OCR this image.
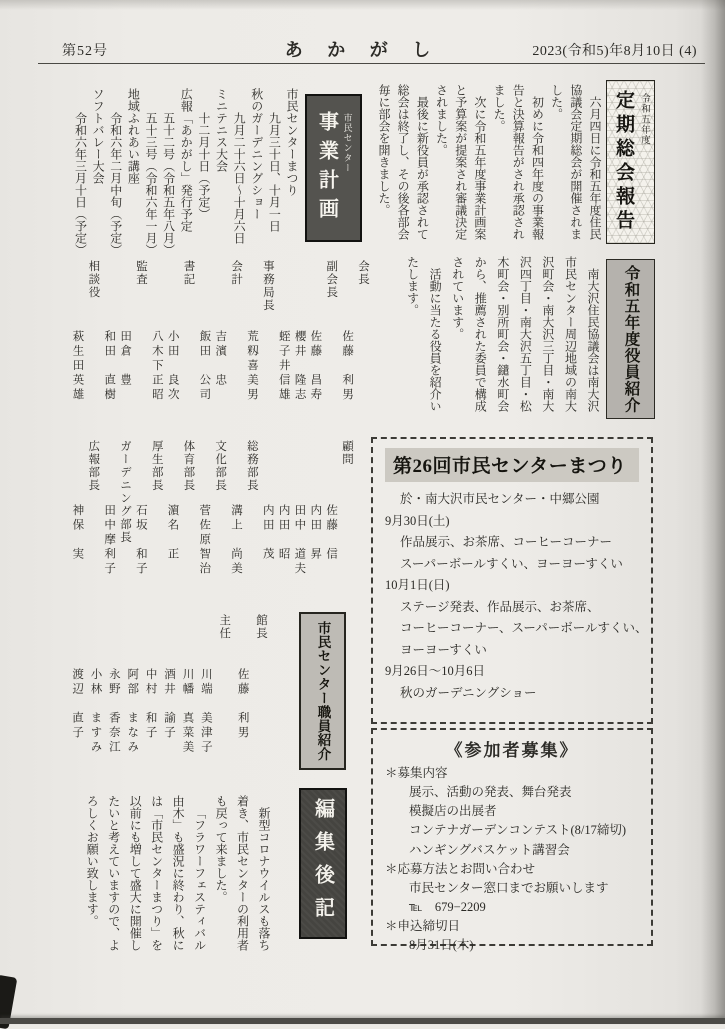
第52号	あ か が し	2023(令和5)年8月10日 (4)
令和五年度
定期総会報告

六月四日に令和五年度住民協議会定期総会が開催されました。

初めに令和四年度の事業報告と決算報告がされ承認されました。

次に令和五年度事業計画案と予算案が提案され審議決定されました。

最後に新役員が承認されて総会は終了し、その後各部会毎に部会を開きました。

市民センター
事業計画

市民センターまつり

九月三十日、十月一日

秋のガーデニングショー

九月二十六日〜十月六日

ミニテニス大会

十二月十日（予定）

広報「あかがし」発行予定

五十二号（令和五年八月）

五十三号（令和六年一月）

地域ふれあい講座

令和六年二月中旬（予定）

ソフトバレー大会

令和六年三月十日（予定）

令和五年度役員紹介

南大沢住民協議会は南大沢市民センター周辺地域の南大沢町会・南大沢三丁目・南大沢四丁目・南大沢五丁目・松木町会・別所町会・鑓水町会から、推薦された委員で構成されています。

活動に当たる役員を紹介いたします。

会長

佐藤　利男

副会長

佐藤　昌寿

櫻井　隆志

蛭子井信雄

事務局長

荒籾喜美男

会計

吉濱　忠

飯田　公司

書記

小田　良次

八木下正昭

監査

田倉　豊

和田　直樹

相談役

萩生田英雄

顧問

佐藤　信

内田　昇

田中　道夫

内田　昭

内田　茂

総務部長

溝上　尚美

文化部長

菅佐原智治

体育部長

濵名　正

厚生部長

石坂　和子

ガーデニング部長

田中摩利子

広報部長

神保　実

市民センター職員紹介

館長

佐藤　利男

主任

川端　美津子

川幡　真菜美

酒井　諭子

中村　和子

阿部　まなみ

永野　香奈江

小林　ますみ

渡辺　直子

編集後記

新型コロナウイルスも落ち着き、市民センターの利用者も戻って来ました。

「フラワーフェスティバル由木」も盛況に終わり、秋には「市民センターまつり」を以前にも増して盛大に開催したいと考えていますので、よろしくお願い致します。

第26回市民センターまつり

於・南大沢市民センター・中郷公園

9月30日(土)

作品展示、お茶席、コーヒーコーナー

スーパーボールすくい、ヨーヨーすくい

10月1日(日)

ステージ発表、作品展示、お茶席、

コーヒーコーナー、スーパーボールすくい、

ヨーヨーすくい

9月26日〜10月6日

秋のガーデニングショー

《参加者募集》

＊募集内容

展示、活動の発表、舞台発表

模擬店の出展者

コンテナガーデンコンテスト(8/17締切)

ハンギングバスケット講習会

＊応募方法とお問い合わせ

市民センター窓口までお願いします

℡　679−2209

＊申込締切日

8月31日(木)
